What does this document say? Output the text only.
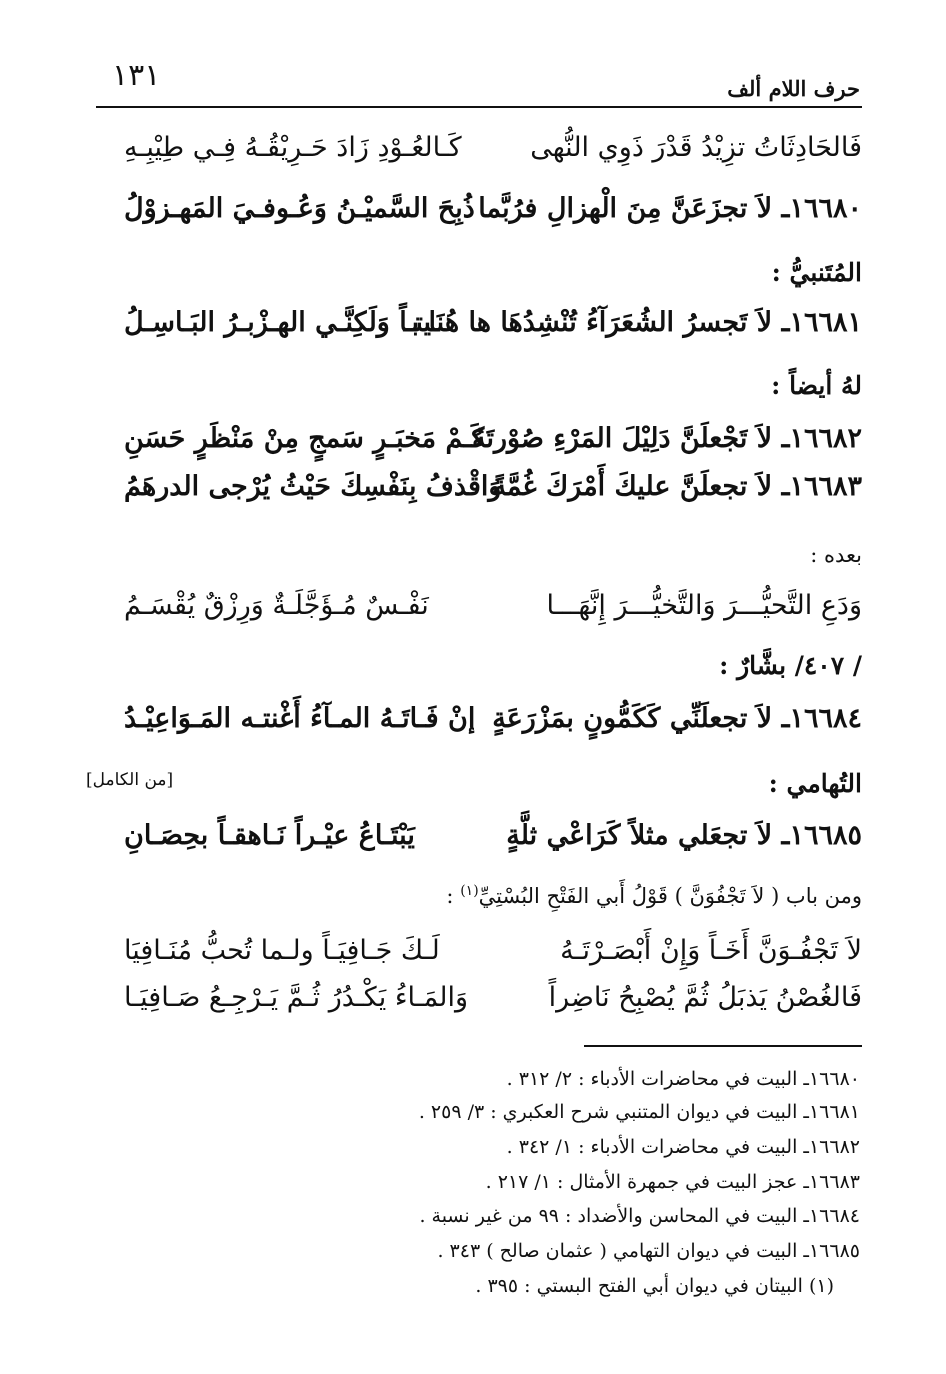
١٣١	حرف اللام ألف
فَالحَادِثَاتُ تزِيْدُ قَدْرَ ذَوِي النُّهى
كَـالعُـوْدِ زَادَ حَـرِيْقُـهُ فِـي طِيْبِـهِ
١٦٦٨٠ـ لاَ تجزَعَنَّ مِنَ الْهزالِ فرُبَّما
ذُبِحَ السَّميْـنُ وَعُـوفـيَ المَهـزوْلُ
المُتَنبيُّ :
١٦٦٨١ـ لاَ تَجسرُ الشُعَرَآءُ تُنْشِدُهَا ها هُنَا بـ
ـيتـاً وَلَكِنَّـي الهـزْبـرُ البَـاسِـلُ
لهُ أيضاً :
١٦٦٨٢ـ لاَ تَجْعلَنَّ دَلِيْلَ المَرْءِ صُوْرتَهُ
كَـمْ مَخبَـرٍ سَمجٍ مِنْ مَنْظَرٍ حَسَنِ
١٦٦٨٣ـ لاَ تجعلَنَّ عليكَ أَمْرَكَ غُمَّةً
وَاقْذفُ بِنَفْسِكَ حَيْثُ يُرْجى الدرهَمُ
بعده :
وَدَعِ التَّحيُّـــرَ وَالتَّخيُّـــرَ إِنَّهَـــا
نَفْـسٌ مُـؤَجَّلَـةٌ وَرِزْقٌ يُقْسَـمُ
/ ٤٠٧/ بشَّارٌ :
١٦٦٨٤ـ لاَ تجعلَنِّي كَكَمُّونٍ بمَزْرَعَةٍ
إنْ فَـاتَـهُ المـآءُ أَغْنتـه المَـوَاعِيْـدُ
التُهامي :
[من الكامل]
١٦٦٨٥ـ لاَ تجعَلي مثلاً كَرَاعْي ثلَّةٍ
يَبْتَـاعُ عيْـراً نَـاهقـاً بحِصَـانِ
ومن باب ( لاَ تَجْفُوَنَّ ) قَوْلُ أَبي الفَتْحِ البُسْتِيِّ$^{(١)}$ :
لاَ تَجْفُـوَنَّ أَخَـاً وَإِنْ أَبْصَـرْتَـهُ
لَـكَ جَـافِيَـاً ولـما تُحبُّ مُنَـافِيَا
فَالغُصْنُ يَذبَلُ ثُمَّ يُصْبِحُ نَاضِراً
وَالمَـاءُ يَكْـدُرُ ثُـمَّ يَـرْجِـعُ صَـافِيَـا
١٦٦٨٠ـ البيت في محاضرات الأدباء : ٢/ ٣١٢ .
١٦٦٨١ـ البيت في ديوان المتنبي شرح العكبري : ٣/ ٢٥٩ .
١٦٦٨٢ـ البيت في محاضرات الأدباء : ١/ ٣٤٢ .
١٦٦٨٣ـ عجز البيت في جمهرة الأمثال : ١/ ٢١٧ .
١٦٦٨٤ـ البيت في المحاسن والأضداد : ٩٩ من غير نسبة .
١٦٦٨٥ـ البيت في ديوان التهامي ( عثمان صالح ) ٣٤٣ .
(١) البيتان في ديوان أبي الفتح البستي : ٣٩٥ .
